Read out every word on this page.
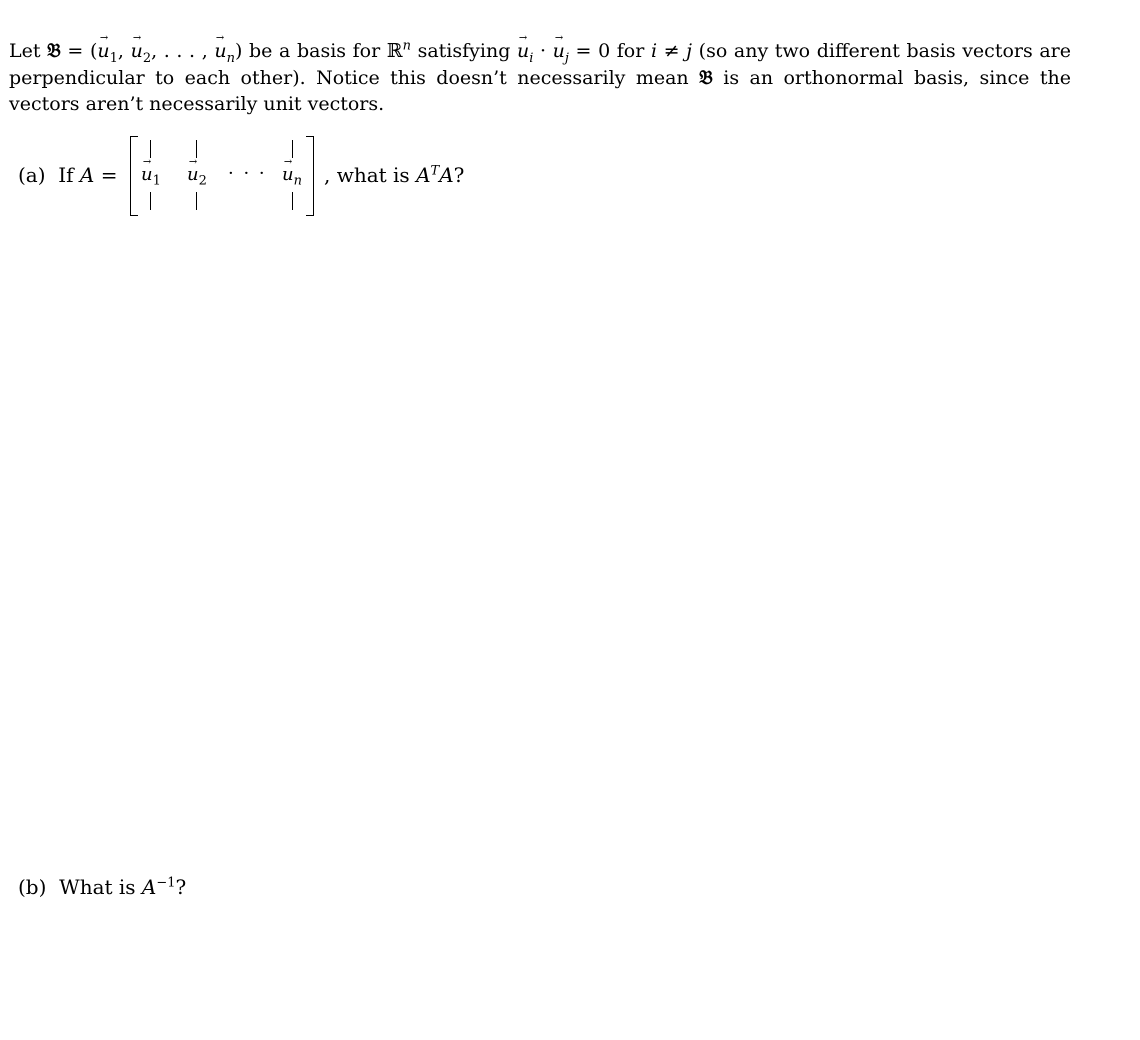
Let 𝔅 = (→ $u_1$, → $u_2$, . . . , → $u_n$) be a basis for ℝ$^n$ satisfying → $u_i$ · → $u_j = 0$ for i ≠ j (so any two different basis vectors are perpendicular to each other). Notice this doesn’t necessarily mean 𝔅 is an orthonormal basis, since the vectors aren’t necessarily unit vectors.

(a) If A =
→ $u_1$
→ $u_2$ · · ·
→ $u_n$ , what is $A^TA$?
(b) What is $A^{-1}$?
